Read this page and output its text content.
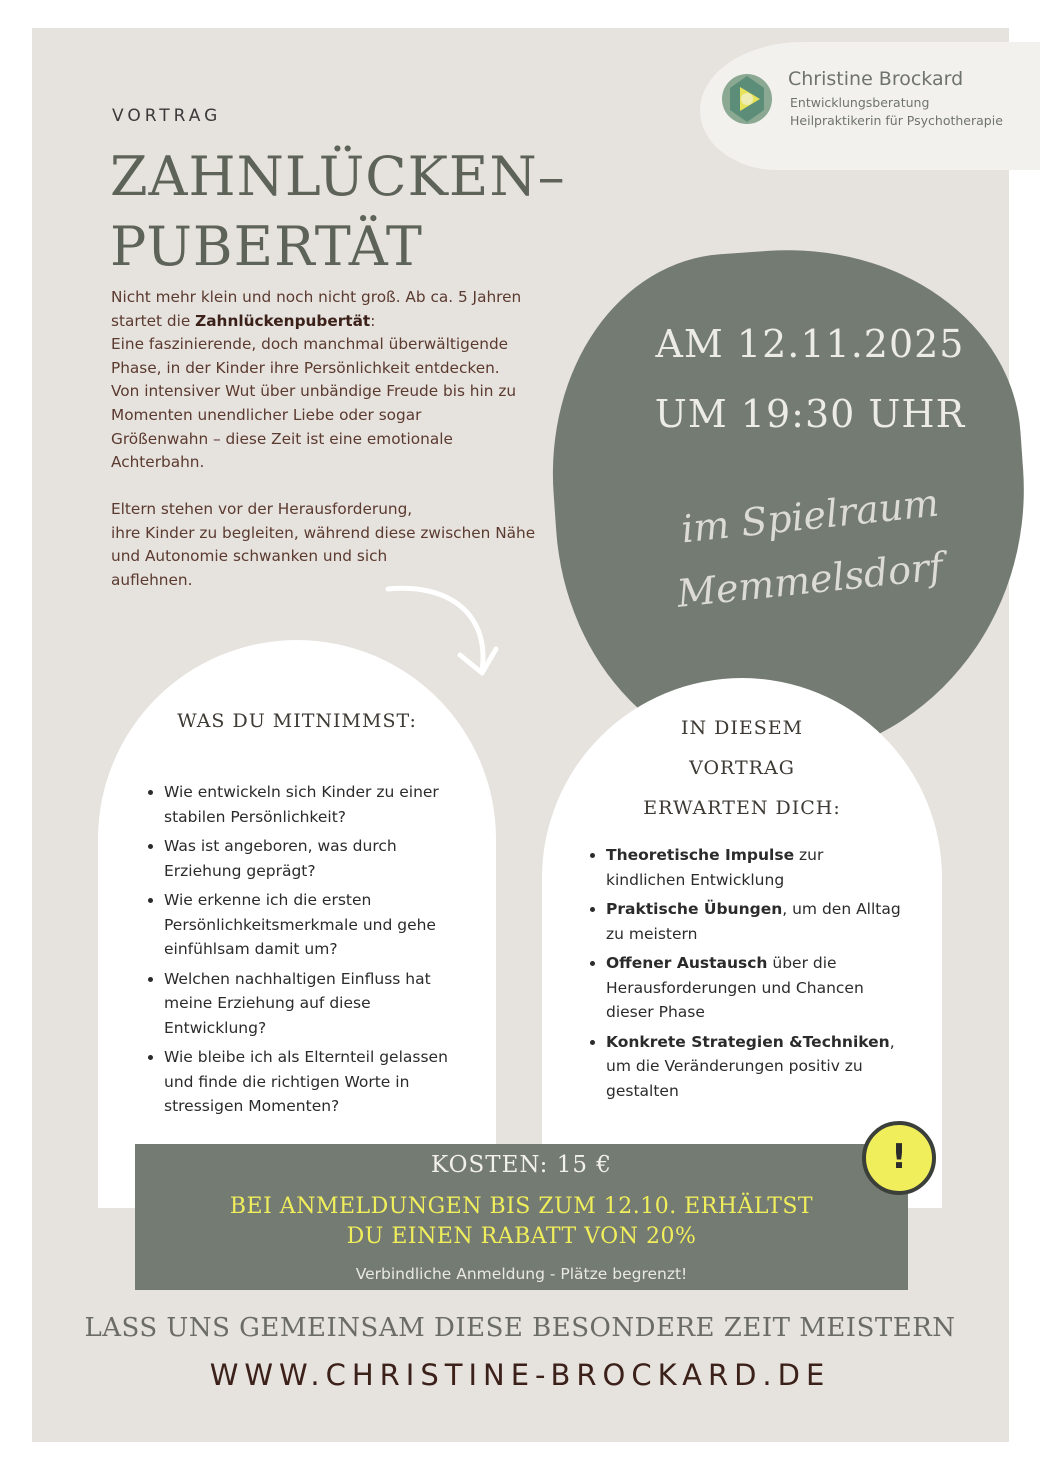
Christine Brockard
Entwicklungsberatung
Heilpraktikerin für Psychotherapie
VORTRAG
ZAHNLÜCKEN–
PUBERTÄT
Nicht mehr klein und noch nicht groß. Ab ca. 5 Jahren
startet die Zahnlückenpubertät:
Eine faszinierende, doch manchmal überwältigende
Phase, in der Kinder ihre Persönlichkeit entdecken.
Von intensiver Wut über unbändige Freude bis hin zu
Momenten unendlicher Liebe oder sogar
Größenwahn – diese Zeit ist eine emotionale
Achterbahn.
Eltern stehen vor der Herausforderung,
ihre Kinder zu begleiten, während diese zwischen Nähe
und Autonomie schwanken und sich
auflehnen.
AM 12.11.2025
UM 19:30 UHR
im Spielraum
Memmelsdorf
WAS DU MITNIMMST:
Wie entwickeln sich Kinder zu einer
stabilen Persönlichkeit?
Was ist angeboren, was durch
Erziehung geprägt?
Wie erkenne ich die ersten
Persönlichkeitsmerkmale und gehe
einfühlsam damit um?
Welchen nachhaltigen Einfluss hat
meine Erziehung auf diese
Entwicklung?
Wie bleibe ich als Elternteil gelassen
und finde die richtigen Worte in
stressigen Momenten?
IN DIESEM
VORTRAG
ERWARTEN DICH:
Theoretische Impulse zur
kindlichen Entwicklung
Praktische Übungen, um den Alltag
zu meistern
Offener Austausch über die
Herausforderungen und Chancen
dieser Phase
Konkrete Strategien &Techniken,
um die Veränderungen positiv zu
gestalten
KOSTEN: 15 €
BEI ANMELDUNGEN BIS ZUM 12.10. ERHÄLTST
DU EINEN RABATT VON 20%
Verbindliche Anmeldung - Plätze begrenzt!
!
LASS UNS GEMEINSAM DIESE BESONDERE ZEIT MEISTERN
WWW.CHRISTINE-BROCKARD.DE
